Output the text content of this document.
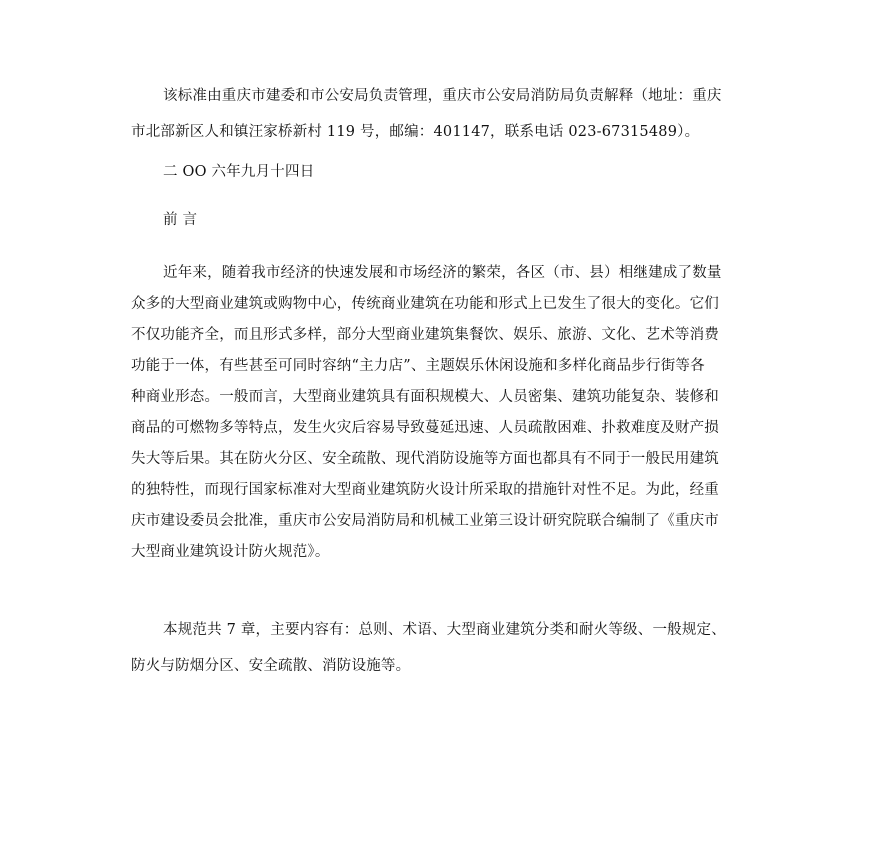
该标准由重庆市建委和市公安局负责管理，重庆市公安局消防局负责解释（地址：重庆
市北部新区人和镇汪家桥新村 119 号，邮编：401147，联系电话 023-67315489）。

二 OO 六年九月十四日

前 言

近年来，随着我市经济的快速发展和市场经济的繁荣，各区（市、县）相继建成了数量
众多的大型商业建筑或购物中心，传统商业建筑在功能和形式上已发生了很大的变化。它们
不仅功能齐全，而且形式多样，部分大型商业建筑集餐饮、娱乐、旅游、文化、艺术等消费
功能于一体，有些甚至可同时容纳“主力店”、主题娱乐休闲设施和多样化商品步行街等各
种商业形态。一般而言，大型商业建筑具有面积规模大、人员密集、建筑功能复杂、装修和
商品的可燃物多等特点，发生火灾后容易导致蔓延迅速、人员疏散困难、扑救难度及财产损
失大等后果。其在防火分区、安全疏散、现代消防设施等方面也都具有不同于一般民用建筑
的独特性，而现行国家标准对大型商业建筑防火设计所采取的措施针对性不足。为此，经重
庆市建设委员会批准，重庆市公安局消防局和机械工业第三设计研究院联合编制了《重庆市
大型商业建筑设计防火规范》。

本规范共 7 章，主要内容有：总则、术语、大型商业建筑分类和耐火等级、一般规定、
防火与防烟分区、安全疏散、消防设施等。
